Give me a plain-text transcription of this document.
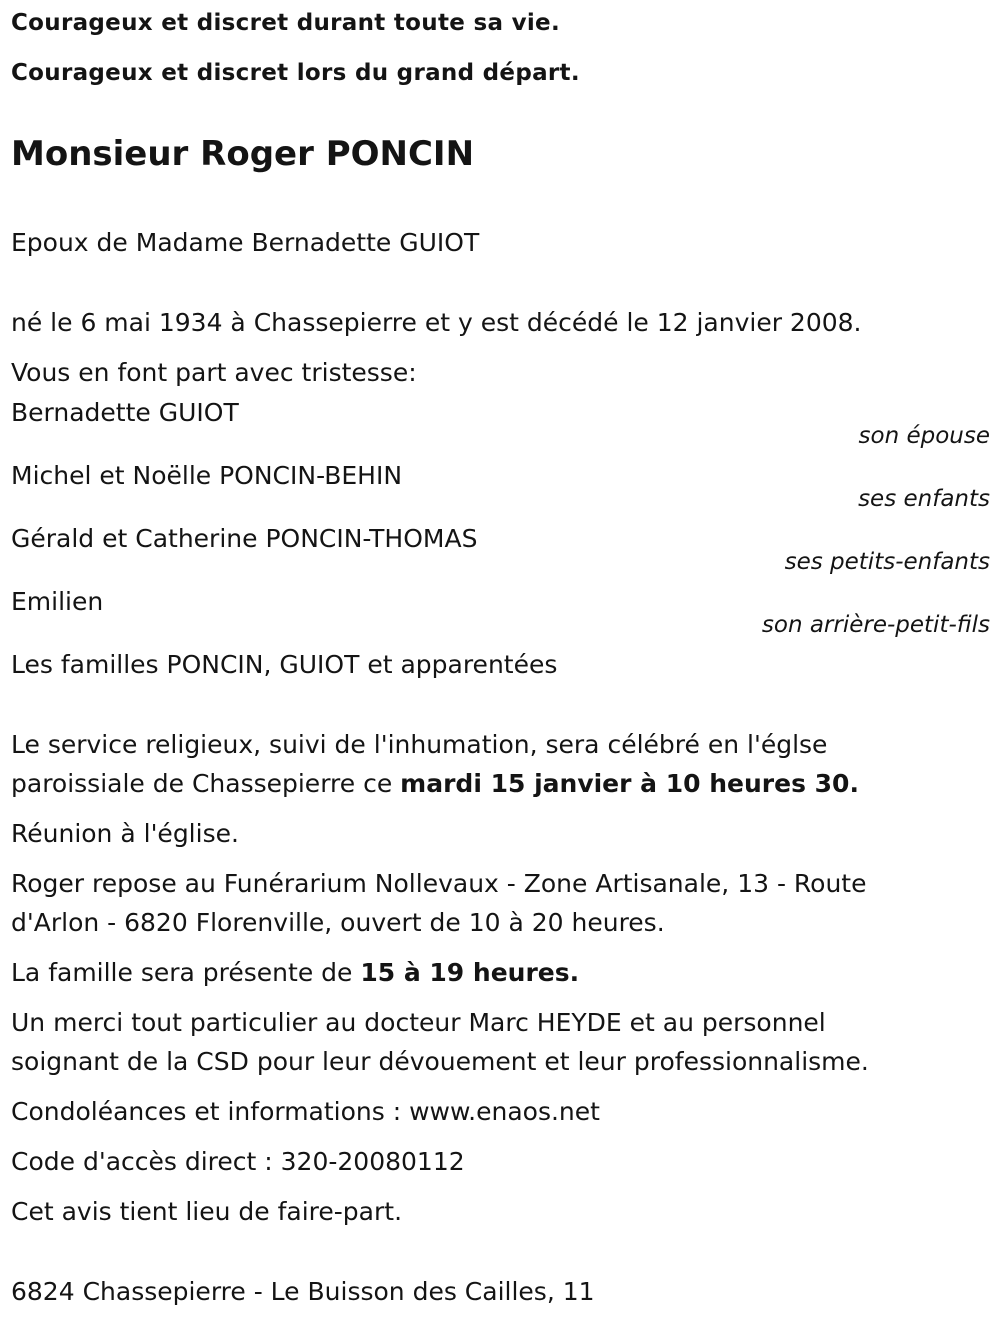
Courageux et discret durant toute sa vie.
Courageux et discret lors du grand départ.
Monsieur Roger PONCIN
Epoux de Madame Bernadette GUIOT
né le 6 mai 1934 à Chassepierre et y est décédé le 12 janvier 2008.
Vous en font part avec tristesse:
Bernadette GUIOT
son épouse
Michel et Noëlle PONCIN-BEHIN
ses enfants
Gérald et Catherine PONCIN-THOMAS
ses petits-enfants
Emilien
son arrière-petit-fils
Les familles PONCIN, GUIOT et apparentées
Le service religieux, suivi de l'inhumation, sera célébré en l'églse
paroissiale de Chassepierre ce mardi 15 janvier à 10 heures 30.
Réunion à l'église.
Roger repose au Funérarium Nollevaux - Zone Artisanale, 13 - Route
d'Arlon - 6820 Florenville, ouvert de 10 à 20 heures.
La famille sera présente de 15 à 19 heures.
Un merci tout particulier au docteur Marc HEYDE et au personnel
soignant de la CSD pour leur dévouement et leur professionnalisme.
Condoléances et informations : www.enaos.net
Code d'accès direct : 320-20080112
Cet avis tient lieu de faire-part.
6824 Chassepierre - Le Buisson des Cailles, 11
